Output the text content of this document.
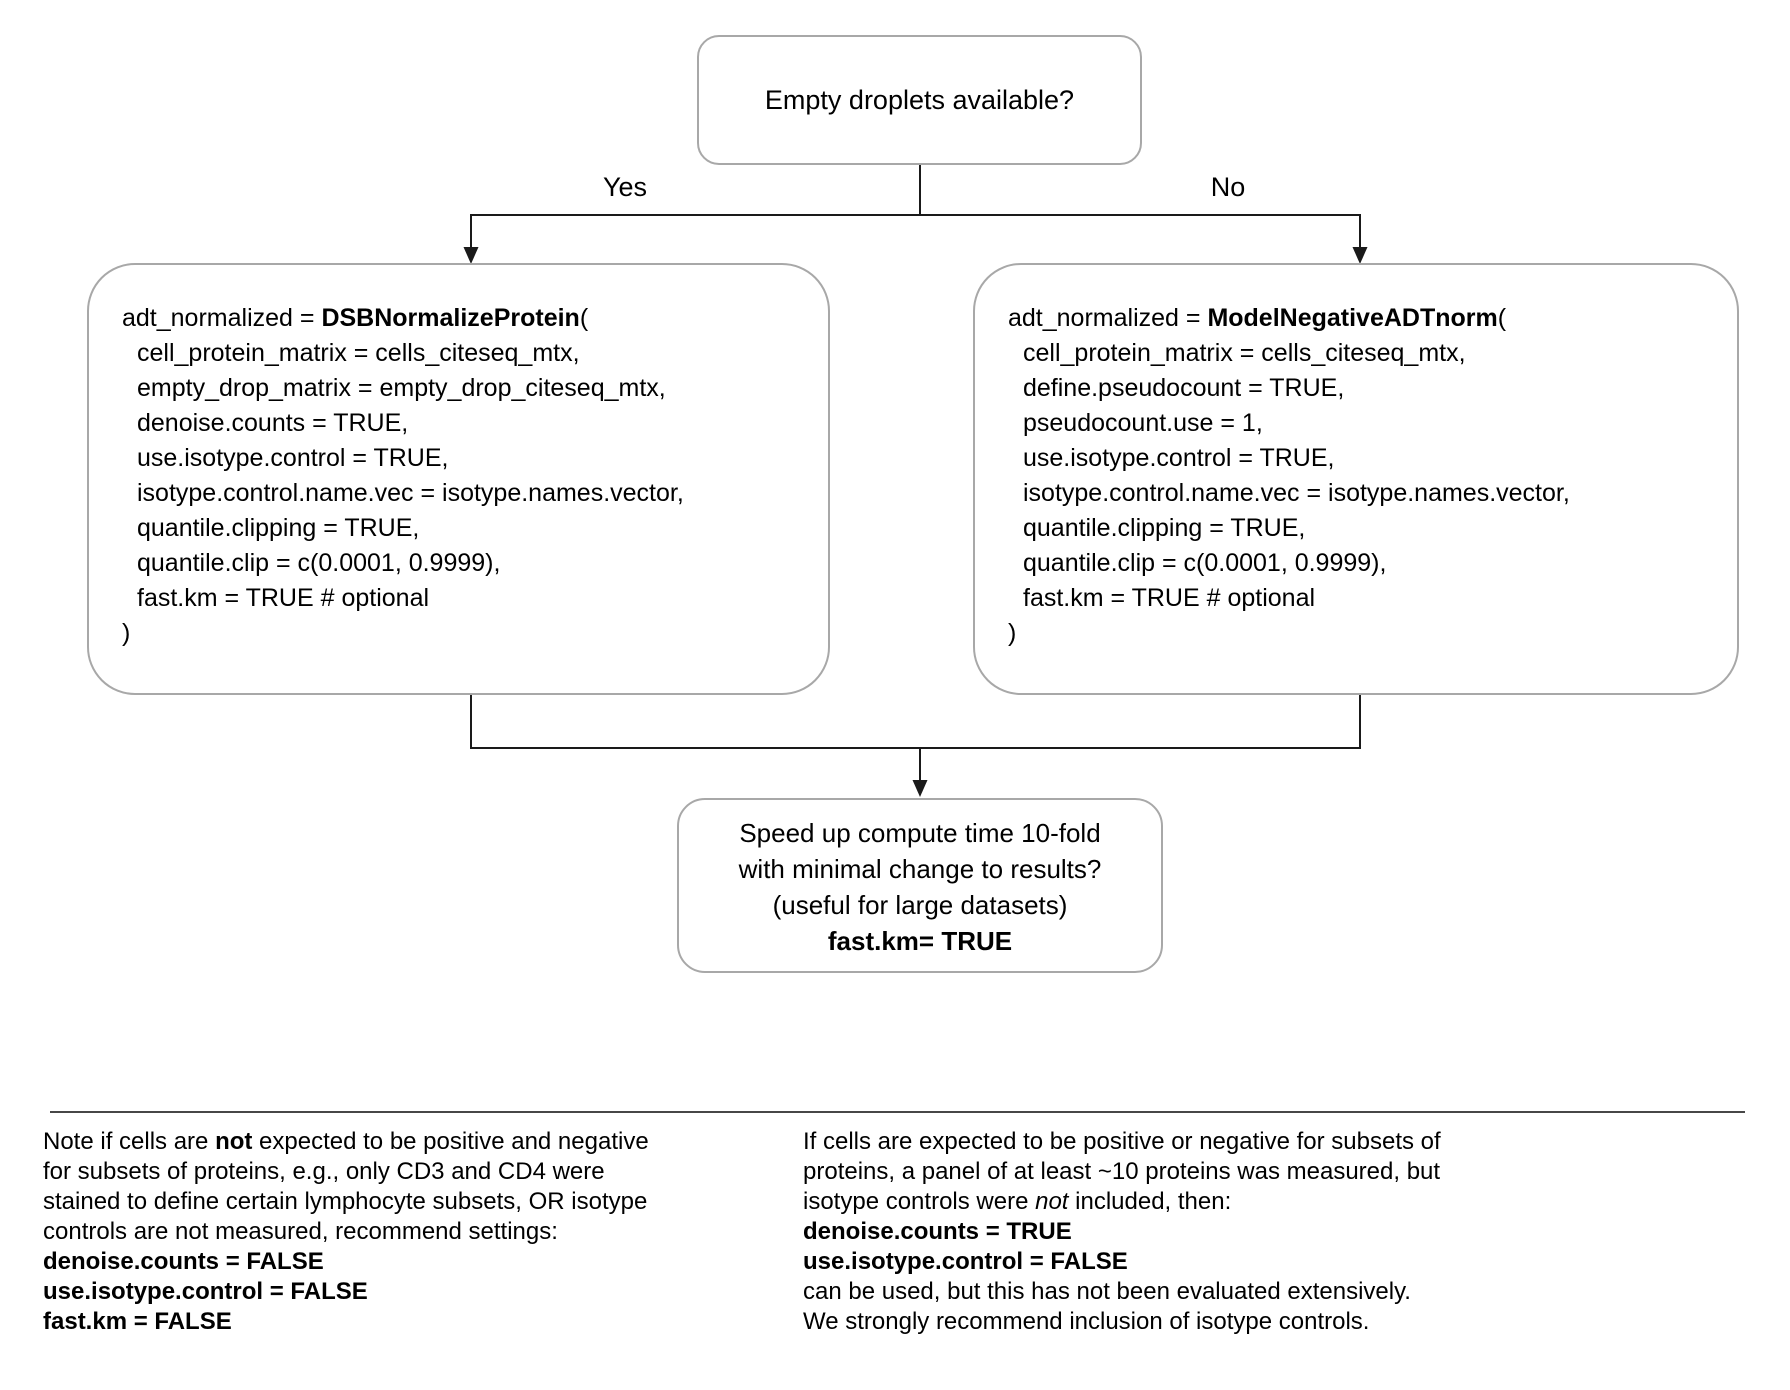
Empty droplets available?
Yes	No
adt_normalized = DSBNormalizeProtein(
cell_protein_matrix = cells_citeseq_mtx,
empty_drop_matrix = empty_drop_citeseq_mtx,
denoise.counts = TRUE,
use.isotype.control = TRUE,
isotype.control.name.vec = isotype.names.vector,
quantile.clipping = TRUE,
quantile.clip = c(0.0001, 0.9999),
fast.km = TRUE # optional
)
adt_normalized = ModelNegativeADTnorm(
cell_protein_matrix = cells_citeseq_mtx,
define.pseudocount = TRUE,
pseudocount.use = 1,
use.isotype.control = TRUE,
isotype.control.name.vec = isotype.names.vector,
quantile.clipping = TRUE,
quantile.clip = c(0.0001, 0.9999),
fast.km = TRUE # optional
)
Speed up compute time 10-fold
with minimal change to results?
(useful for large datasets)
fast.km= TRUE
Note if cells are not expected to be positive and negative
for subsets of proteins, e.g., only CD3 and CD4 were
stained to define certain lymphocyte subsets, OR isotype
controls are not measured, recommend settings:
denoise.counts = FALSE
use.isotype.control = FALSE
fast.km = FALSE
If cells are expected to be positive or negative for subsets of
proteins, a panel of at least ~10 proteins was measured, but
isotype controls were not included, then:
denoise.counts = TRUE
use.isotype.control = FALSE
can be used, but this has not been evaluated extensively.
We strongly recommend inclusion of isotype controls.
